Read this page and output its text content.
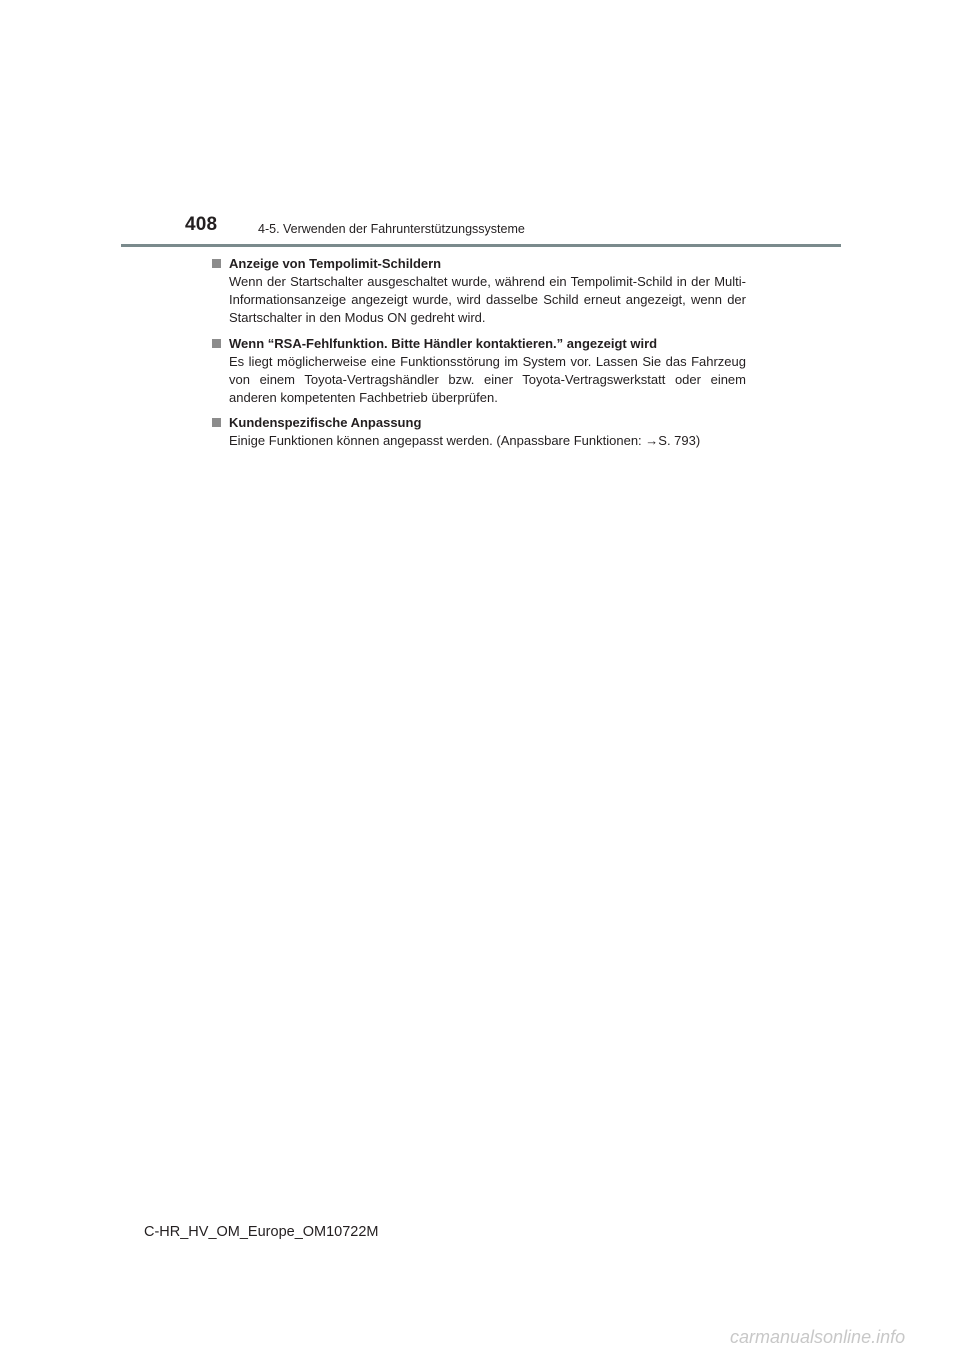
408	4-5. Verwenden der Fahrunterstützungssysteme
Anzeige von Tempolimit-Schildern
Wenn der Startschalter ausgeschaltet wurde, während ein Tempolimit-Schild in der Multi-Informationsanzeige angezeigt wurde, wird dasselbe Schild erneut angezeigt, wenn der Startschalter in den Modus ON gedreht wird.
Wenn “RSA-Fehlfunktion. Bitte Händler kontaktieren.” angezeigt wird
Es liegt möglicherweise eine Funktionsstörung im System vor. Lassen Sie das Fahrzeug von einem Toyota-Vertragshändler bzw. einer Toyota-Vertragswerkstatt oder einem anderen kompetenten Fachbetrieb überprüfen.
Kundenspezifische Anpassung
Einige Funktionen können angepasst werden. (Anpassbare Funktionen: →S. 793)
C-HR_HV_OM_Europe_OM10722M
carmanualsonline.info
